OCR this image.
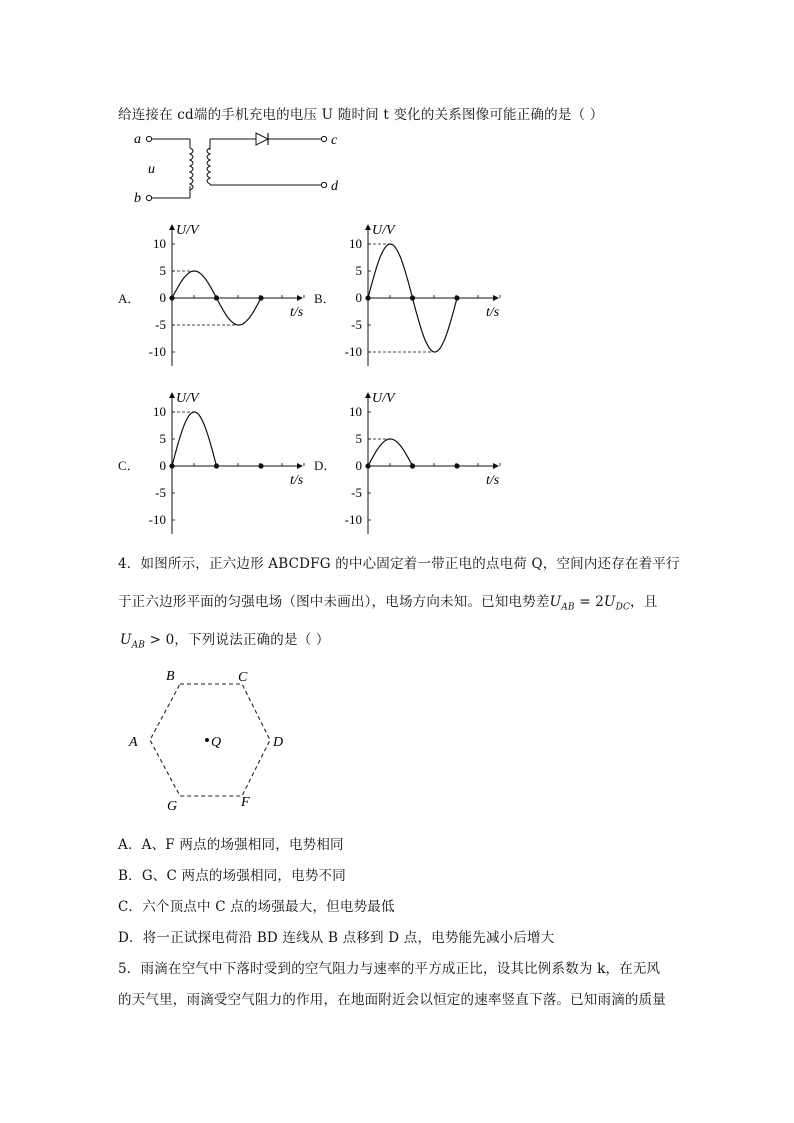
给连接在 cd端的手机充电的电压 U 随时间 t 变化的关系图像可能正确的是（ ）
a
b
u
c
d
A．	B．
C．	D．
10
5
0
-5
-10
U/V
t/s
10
5
0
-5
-10
U/V
t/s
10
5
0
-5
-10
U/V
t/s
10
5
0
-5
-10
U/V
t/s
4．如图所示，正六边形 ABCDFG 的中心固定着一带正电的点电荷 Q，空间内还存在着平行
于正六边形平面的匀强电场（图中未画出），电场方向未知。已知电势差$U_{AB} = 2U_{DC}$，且
$U_{AB} > 0$，下列说法正确的是（ ）
B	C
A	D
G	F
Q
A．A、F 两点的场强相同，电势相同
B．G、C 两点的场强相同，电势不同
C．六个顶点中 C 点的场强最大，但电势最低
D．将一正试探电荷沿 BD 连线从 B 点移到 D 点，电势能先减小后增大
5．雨滴在空气中下落时受到的空气阻力与速率的平方成正比，设其比例系数为 k，在无风
的天气里，雨滴受空气阻力的作用，在地面附近会以恒定的速率竖直下落。已知雨滴的质量
